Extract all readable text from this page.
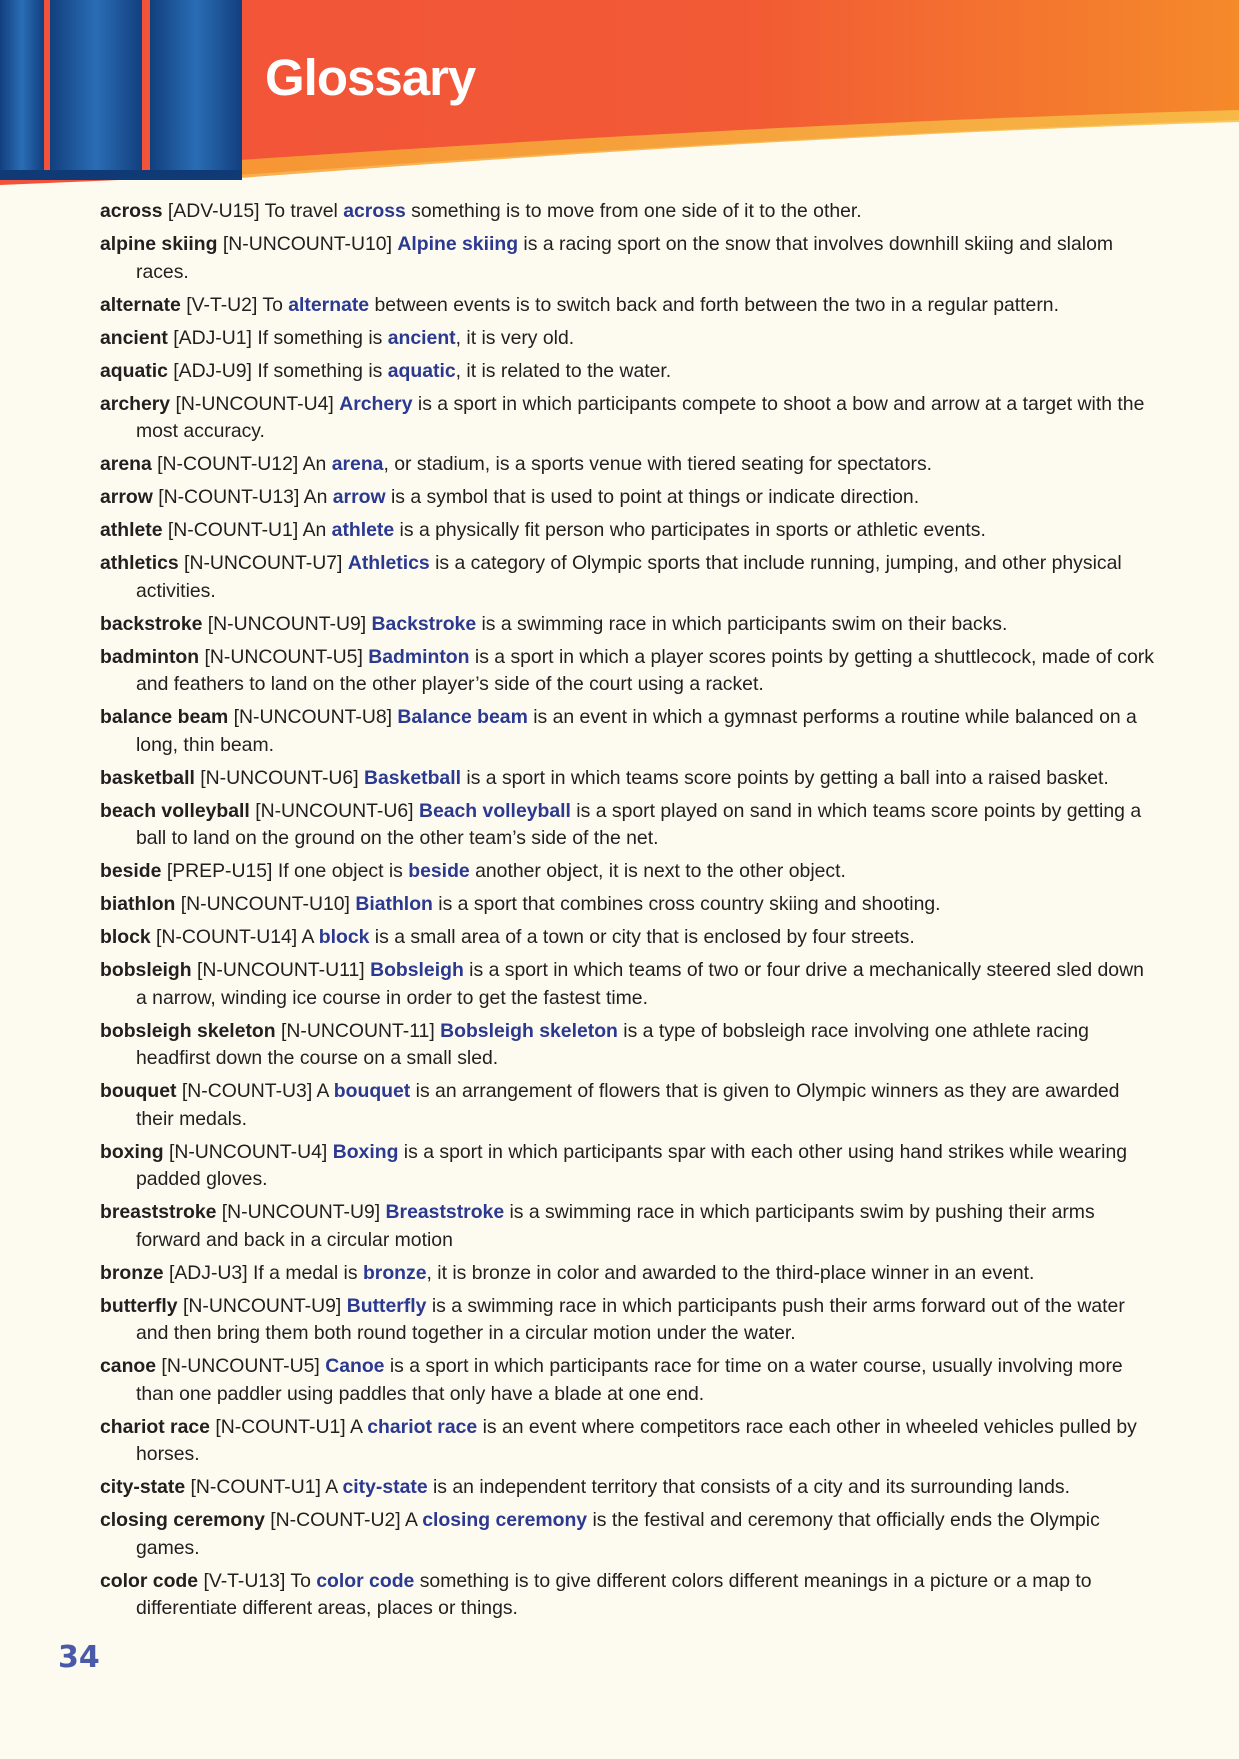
Glossary
across [ADV-U15] To travel across something is to move from one side of it to the other.
alpine skiing [N-UNCOUNT-U10] Alpine skiing is a racing sport on the snow that involves downhill skiing and slalom races.
alternate [V-T-U2] To alternate between events is to switch back and forth between the two in a regular pattern.
ancient [ADJ-U1] If something is ancient, it is very old.
aquatic [ADJ-U9] If something is aquatic, it is related to the water.
archery [N-UNCOUNT-U4] Archery is a sport in which participants compete to shoot a bow and arrow at a target with the most accuracy.
arena [N-COUNT-U12] An arena, or stadium, is a sports venue with tiered seating for spectators.
arrow [N-COUNT-U13] An arrow is a symbol that is used to point at things or indicate direction.
athlete [N-COUNT-U1] An athlete is a physically fit person who participates in sports or athletic events.
athletics [N-UNCOUNT-U7] Athletics is a category of Olympic sports that include running, jumping, and other physical activities.
backstroke [N-UNCOUNT-U9] Backstroke is a swimming race in which participants swim on their backs.
badminton [N-UNCOUNT-U5] Badminton is a sport in which a player scores points by getting a shuttlecock, made of cork and feathers to land on the other player’s side of the court using a racket.
balance beam [N-UNCOUNT-U8] Balance beam is an event in which a gymnast performs a routine while balanced on a long, thin beam.
basketball [N-UNCOUNT-U6] Basketball is a sport in which teams score points by getting a ball into a raised basket.
beach volleyball [N-UNCOUNT-U6] Beach volleyball is a sport played on sand in which teams score points by getting a ball to land on the ground on the other team’s side of the net.
beside [PREP-U15] If one object is beside another object, it is next to the other object.
biathlon [N-UNCOUNT-U10] Biathlon is a sport that combines cross country skiing and shooting.
block [N-COUNT-U14] A block is a small area of a town or city that is enclosed by four streets.
bobsleigh [N-UNCOUNT-U11] Bobsleigh is a sport in which teams of two or four drive a mechanically steered sled down a narrow, winding ice course in order to get the fastest time.
bobsleigh skeleton [N-UNCOUNT-11] Bobsleigh skeleton is a type of bobsleigh race involving one athlete racing headfirst down the course on a small sled.
bouquet [N-COUNT-U3] A bouquet is an arrangement of flowers that is given to Olympic winners as they are awarded their medals.
boxing [N-UNCOUNT-U4] Boxing is a sport in which participants spar with each other using hand strikes while wearing padded gloves.
breaststroke [N-UNCOUNT-U9] Breaststroke is a swimming race in which participants swim by pushing their arms forward and back in a circular motion
bronze [ADJ-U3] If a medal is bronze, it is bronze in color and awarded to the third-place winner in an event.
butterfly [N-UNCOUNT-U9] Butterfly is a swimming race in which participants push their arms forward out of the water and then bring them both round together in a circular motion under the water.
canoe [N-UNCOUNT-U5] Canoe is a sport in which participants race for time on a water course, usually involving more than one paddler using paddles that only have a blade at one end.
chariot race [N-COUNT-U1] A chariot race is an event where competitors race each other in wheeled vehicles pulled by horses.
city-state [N-COUNT-U1] A city-state is an independent territory that consists of a city and its surrounding lands.
closing ceremony [N-COUNT-U2] A closing ceremony is the festival and ceremony that officially ends the Olympic games.
color code [V-T-U13] To color code something is to give different colors different meanings in a picture or a map to differentiate different areas, places or things.
34
